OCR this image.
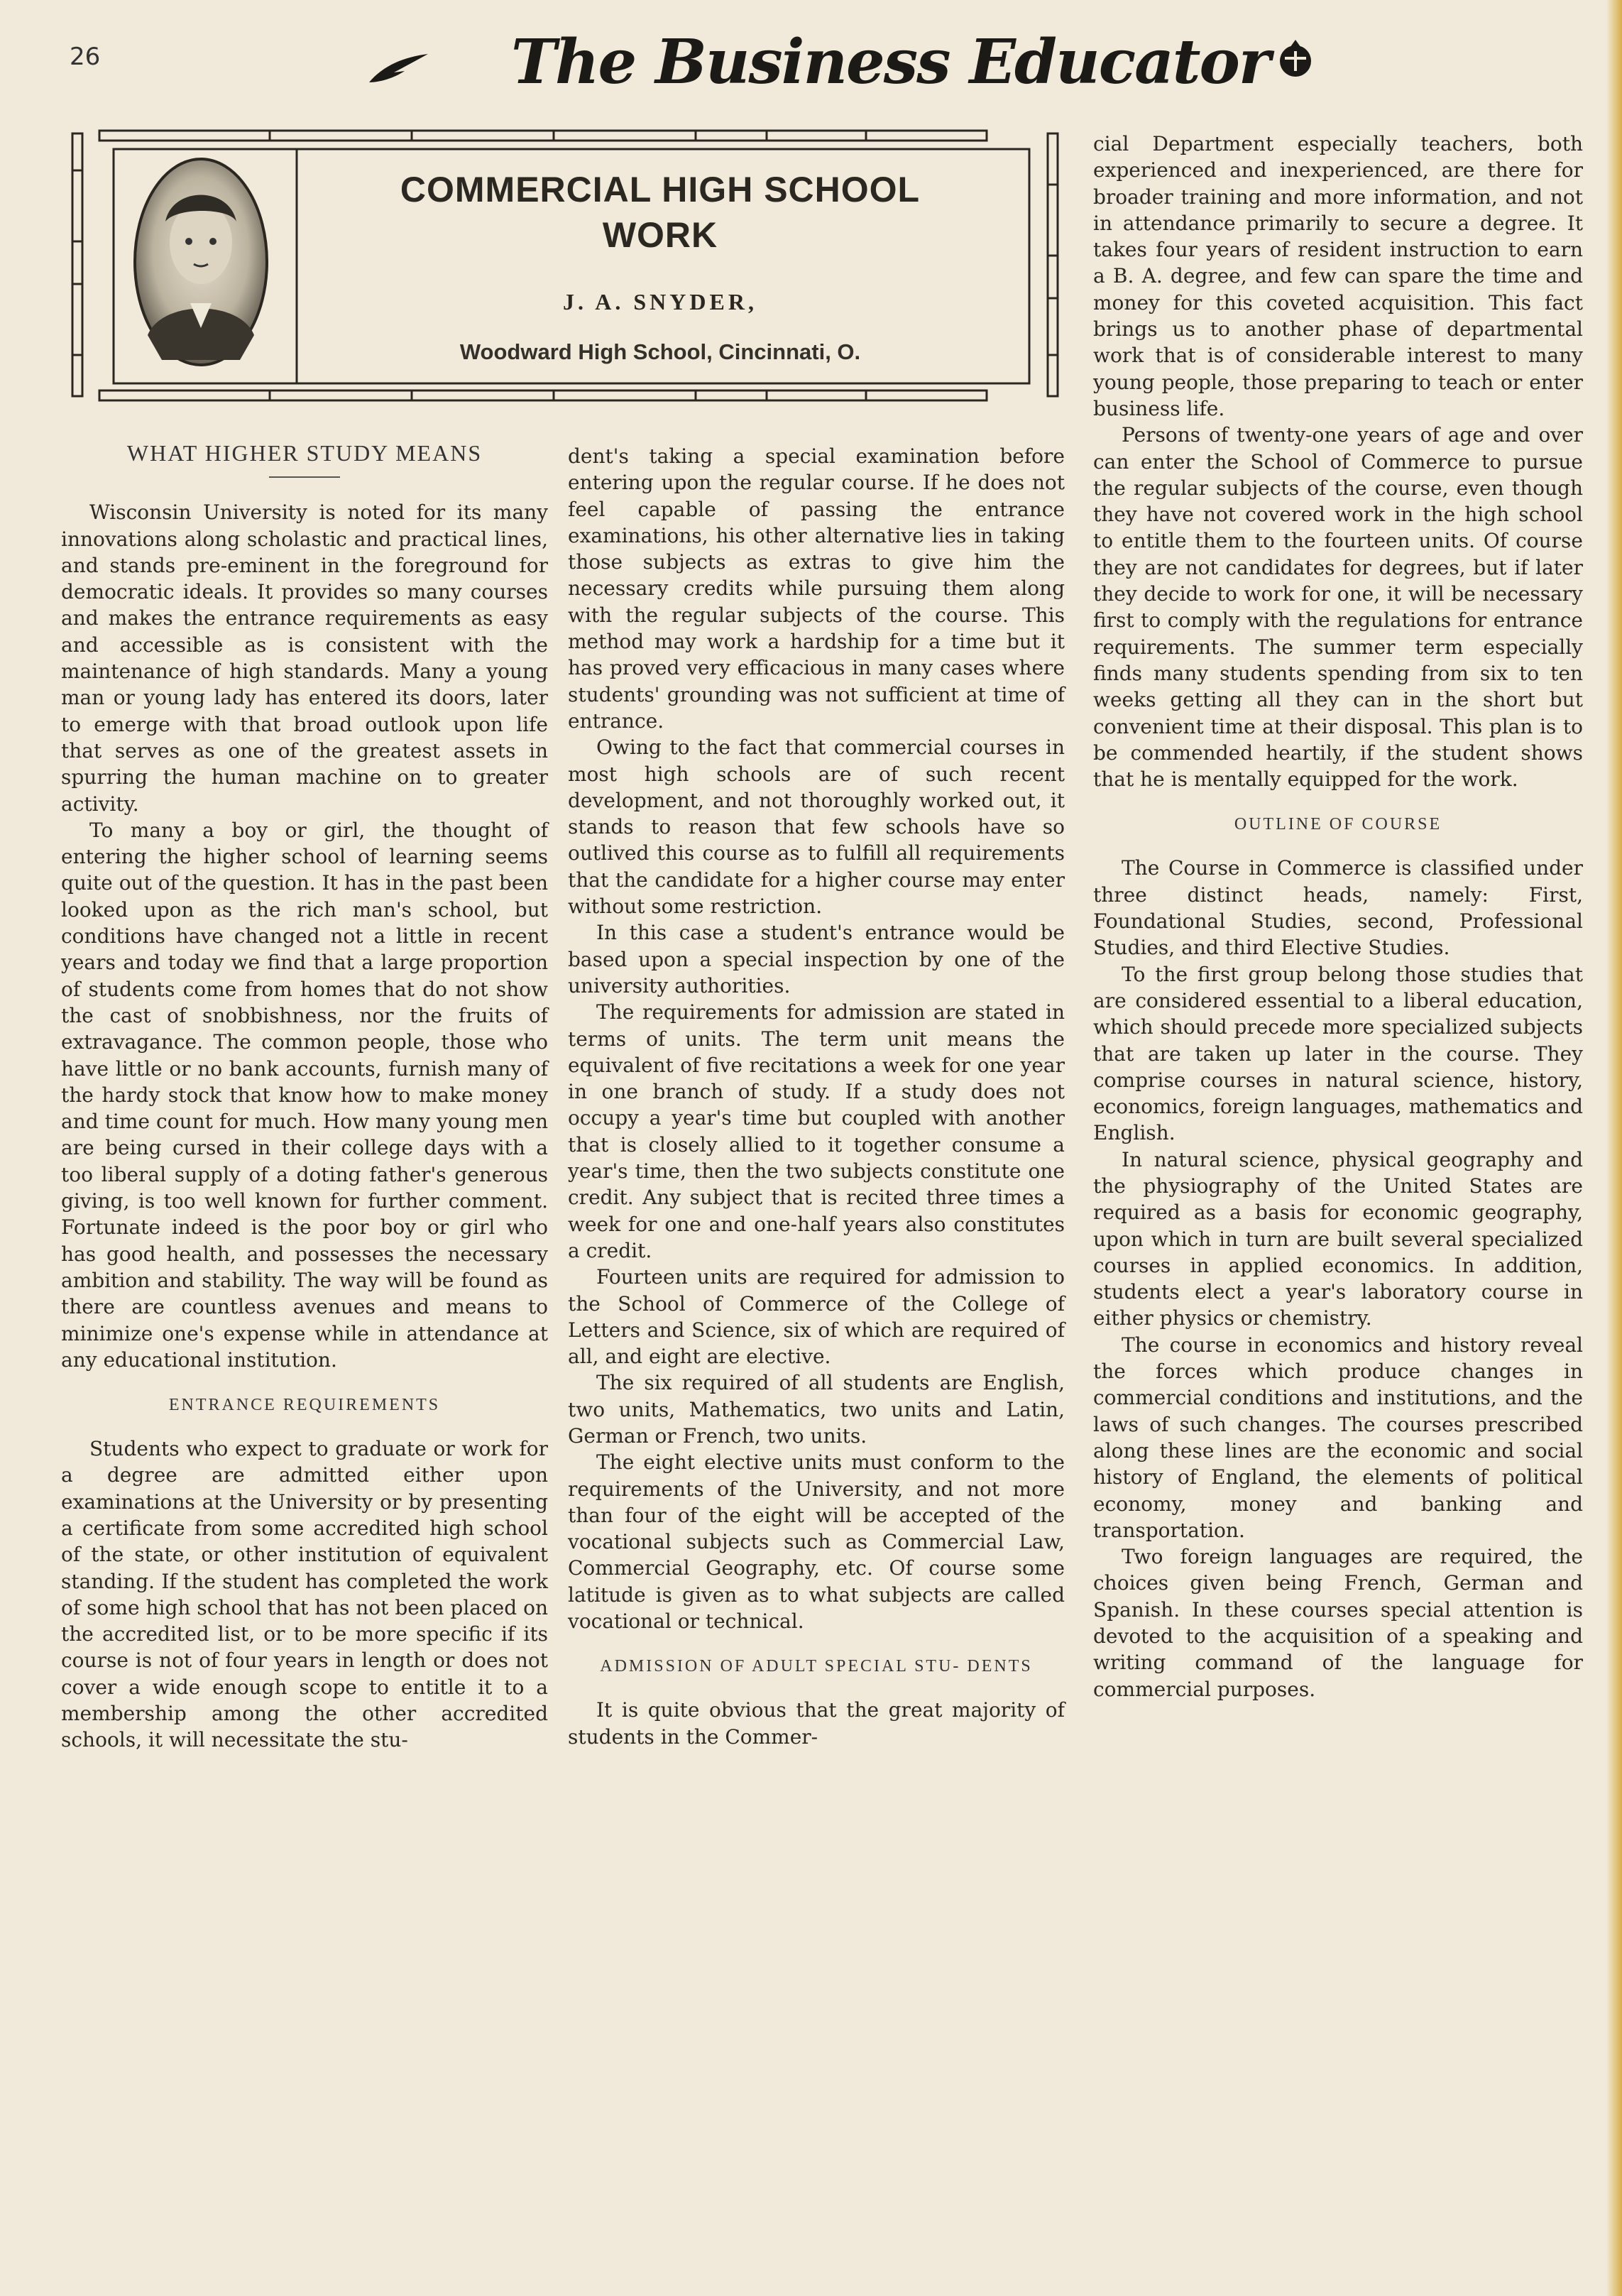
26	The Business Educator
COMMERCIAL HIGH SCHOOL
WORK
J. A. SNYDER,
Woodward High School, Cincinnati, O.
WHAT HIGHER STUDY MEANS

Wisconsin University is noted for its many innovations along scholastic and practical lines, and stands pre-eminent in the foreground for democratic ideals. It provides so many courses and makes the entrance requirements as easy and accessible as is consistent with the maintenance of high standards. Many a young man or young lady has entered its doors, later to emerge with that broad outlook upon life that serves as one of the greatest assets in spurring the human machine on to greater activity.

To many a boy or girl, the thought of entering the higher school of learning seems quite out of the question. It has in the past been looked upon as the rich man's school, but conditions have changed not a little in recent years and today we find that a large proportion of students come from homes that do not show the cast of snobbishness, nor the fruits of extravagance. The common people, those who have little or no bank accounts, furnish many of the hardy stock that know how to make money and time count for much. How many young men are being cursed in their college days with a too liberal supply of a doting father's generous giving, is too well known for further comment. Fortunate indeed is the poor boy or girl who has good health, and possesses the necessary ambition and stability. The way will be found as there are countless avenues and means to minimize one's expense while in attendance at any educational institution.

ENTRANCE REQUIREMENTS

Students who expect to graduate or work for a degree are admitted either upon examinations at the University or by presenting a certificate from some accredited high school of the state, or other institution of equivalent standing. If the student has completed the work of some high school that has not been placed on the accredited list, or to be more specific if its course is not of four years in length or does not cover a wide enough scope to entitle it to a membership among the other accredited schools, it will necessitate the stu-

dent's taking a special examination before entering upon the regular course. If he does not feel capable of passing the entrance examinations, his other alternative lies in taking those subjects as extras to give him the necessary credits while pursuing them along with the regular subjects of the course. This method may work a hardship for a time but it has proved very efficacious in many cases where students' grounding was not sufficient at time of entrance.

Owing to the fact that commercial courses in most high schools are of such recent development, and not thoroughly worked out, it stands to reason that few schools have so outlived this course as to fulfill all requirements that the candidate for a higher course may enter without some restriction.

In this case a student's entrance would be based upon a special inspection by one of the university authorities.

The requirements for admission are stated in terms of units. The term unit means the equivalent of five recitations a week for one year in one branch of study. If a study does not occupy a year's time but coupled with another that is closely allied to it together consume a year's time, then the two subjects constitute one credit. Any subject that is recited three times a week for one and one-half years also constitutes a credit.

Fourteen units are required for admission to the School of Commerce of the College of Letters and Science, six of which are required of all, and eight are elective.

The six required of all students are English, two units, Mathematics, two units and Latin, German or French, two units.

The eight elective units must conform to the requirements of the University, and not more than four of the eight will be accepted of the vocational subjects such as Commercial Law, Commercial Geography, etc. Of course some latitude is given as to what subjects are called vocational or technical.

ADMISSION OF ADULT SPECIAL STU- DENTS

It is quite obvious that the great majority of students in the Commer-

cial Department especially teachers, both experienced and inexperienced, are there for broader training and more information, and not in attendance primarily to secure a degree. It takes four years of resident instruction to earn a B. A. degree, and few can spare the time and money for this coveted acquisition. This fact brings us to another phase of departmental work that is of considerable interest to many young people, those preparing to teach or enter business life.

Persons of twenty-one years of age and over can enter the School of Commerce to pursue the regular subjects of the course, even though they have not covered work in the high school to entitle them to the fourteen units. Of course they are not candidates for degrees, but if later they decide to work for one, it will be necessary first to comply with the regulations for entrance requirements. The summer term especially finds many students spending from six to ten weeks getting all they can in the short but convenient time at their disposal. This plan is to be commended heartily, if the student shows that he is mentally equipped for the work.

OUTLINE OF COURSE

The Course in Commerce is classified under three distinct heads, namely: First, Foundational Studies, second, Professional Studies, and third Elective Studies.

To the first group belong those studies that are considered essential to a liberal education, which should precede more specialized subjects that are taken up later in the course. They comprise courses in natural science, history, economics, foreign languages, mathematics and English.

In natural science, physical geography and the physiography of the United States are required as a basis for economic geography, upon which in turn are built several specialized courses in applied economics. In addition, students elect a year's laboratory course in either physics or chemistry.

The course in economics and history reveal the forces which produce changes in commercial conditions and institutions, and the laws of such changes. The courses prescribed along these lines are the economic and social history of England, the elements of political economy, money and banking and transportation.

Two foreign languages are required, the choices given being French, German and Spanish. In these courses special attention is devoted to the acquisition of a speaking and writing command of the language for commercial purposes.
